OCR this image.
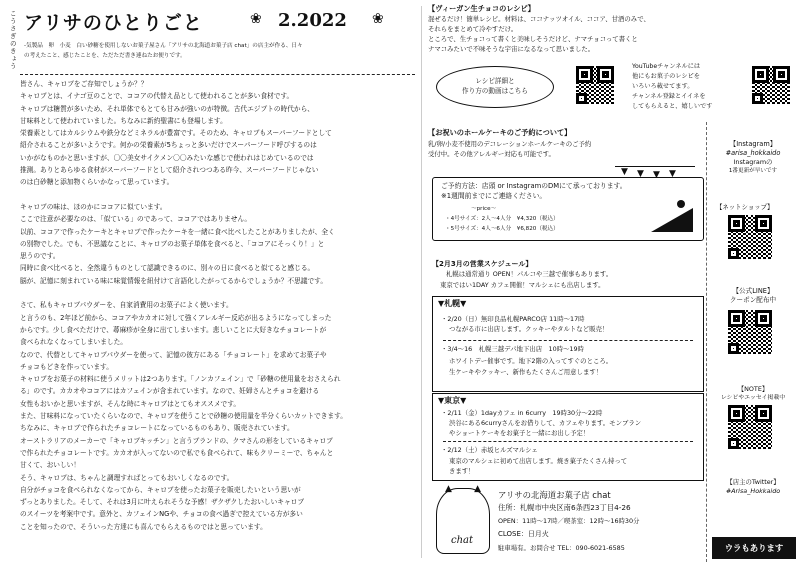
こうさぎのきょう アリサのひとりごと	❀ 2.2022 ❀
-気製品　卵　小麦　白い砂糖を使用しないお菓子屋さん「アリサの北海道お菓子店 chat」の店主が作る、日々
の考えたこと、感じたことを、ただただ書き連ねたお便りです。
皆さん、キャロブをご存知でしょうか？？
キャロブとは、イナゴ豆のことで、ココアの代替え品として使われることが多い食材です。
キャロブは糖質が多いため、それ単体でもとても甘みが強いのが特徴。古代エジプトの時代から、
甘味料として使われていました。ちなみに新約聖書にも登場します。
栄養素としてはカルシウムや鉄分などミネラルが豊富です。そのため、キャロブもスーパーフードとして
紹介されることが多いようです。何かの栄養素が5ちょっと多いだけでスーパーフード呼びするのは
いかがなものかと思いますが、〇〇美女サイクメン〇〇みたいな感じで使われはじめているのでは
推測。ありとあらゆる食材がスーパーフードとして紹介されつつある昨今、スーパーフードじゃない
のは白砂糖と添加物くらいかなって思っています。
キャロブの味は、ほのかにココアに似ています。
ここで注意が必要なのは、「似ている」のであって、ココアではありません。
以前、ココアで作ったケーキとキャロブで作ったケーキを一緒に食べ比べしたことがありましたが、全く
の別物でした。でも、不思議なことに、キャロブのお菓子単体を食べると、「ココアにそっくり！」と
思うのです。
同時に食べ比べると、全然違うものとして認識できるのに、別々の日に食べると似てると感じる。
脳が、記憶に刻まれている味に味覚情報を紐付けて言語化したがってるからでしょうか？不思議です。
さて、私もキャロブパウダーを、自家消費用のお菓子によく使います。
と言うのも、2年ほど前から、ココアやカカオに対して強くアレルギー反応が出るようになってしまった
からです。少し食べただけで、蕁麻疹が全身に出てしまいます。悲しいことに大好きなチョコレートが
食べられなくなってしまいました。
なので、代替としてキャロブパウダーを使って、記憶の彼方にある「チョコレート」を求めてお菓子や
チョコもどきを作っています。
キャロブをお菓子の材料に使うメリットは2つあります。「ノンカフェイン」で「砂糖の使用量をおさえられ
る」のです。カカオやココアにはカフェインが含まれています。なので、妊婦さんとチョコを避ける
女性もおいかと思いますが、そんな時にキャロブはとてもオススメです。
また、甘味料になっていたくらいなので、キャロブを使うことで砂糖の使用量を半分くらいカットできます。
ちなみに、キャロブで作られたチョコレートになっているものもあり、販売されています。
オーストラリアのメーカーで「キャロブキッチン」と言うブランドの、クマさんの形をしているキャロブ
で作られたチョコレートです。カカオが入ってないので私でも食べられて、味もクリーミーで、ちゃんと
甘くて、おいしい！
そう、キャロブは、ちゃんと調理すればとってもおいしくなるのです。
自分がチョコを食べられなくなってから、キャロブを使ったお菓子を販売したいという思いが
ずっとありました。そして、それは3月に叶えられそうな予感！ザクザクしたおいしいキャロブ
のスイーツを考案中です。意外と、カフェインNGや、チョコの食べ過ぎで控えている方が多い
ことを知ったので、そういった方達にも喜んでもらえるものではと思っています。
【ヴィーガン生チョコのレシピ】
混ぜるだけ！簡単レシピ。材料は、ココナッツオイル、ココア、甘酒のみで、
それらをまとめて冷やすだけ。
ところで、生チョコって書くと美味しそうだけど、ナマチョコって書くと
ナマコみたいで不味そうな宇宙になるなって思いました。
レシピ詳細と
作り方の動画はこちら
YouTubeチャンネルには
他にもお菓子のレシピを
いろいろ載せてます。
チャンネル登録とイイネを
してもらえると、嬉しいです
【お祝いのホールケーキのご予約について】
乳/卵/小麦不使用のデコレーションホールケーキのご予約
受付中。その他アレルギー対応も可能です。
▼ ▼ ▼ ▼
ご予約方法：店頭 or InstagramのDMにて承っております。
※1週間前までにご連絡ください。
～price～
・4号サイズ：2人～4人分　¥4,320（税込）
・5号サイズ：4人～6人分　¥6,820（税込）
【2月3月の営業スケジュール】
札幌は通常通り OPEN！パルコや三越で催事もあります。
東京ではい1DAY カフェ開催！マルシェにも出店します。
▼札幌▼
・2/20（日）無印良品札幌PARCO店 11時～17時
つながる市に出店します。クッキーやタルトなど販売！
・3/4～16　札幌三越デパ地下出店　10時～19時
ホワイトデー催事です。地下2階の入ってすぐのところ。
生ケーキやクッキー、新作もたくさんご用意します！
▼東京▼
・2/11（金）1dayカフェ in 6curry　19時30分～22時
渋谷にある6curryさんをお借りして、カフェやります。モンブラン
やショートケーキをお菓子と一緒にお出し予定！
・2/12（土）赤坂ヒルズマルシェ
東京のマルシェに初めて出店します。焼き菓子たくさん持って
きます！
▲ ▲
chat
アリサの北海道お菓子店 chat
住所：札幌市中央区南6条西23丁目4-26
OPEN：11時～17時／喫茶室：12時～16時30分
CLOSE：日月火
駐車場有。お問合せ TEL：090-6021-6585
【Instagram】
#arisa_hokkaido
Instagramの
1番更新が早いです
【ネットショップ】
【公式LINE】
クーポン配布中
【NOTE】
レシピやエッセイ掲載中
【店主のTwitter】
#Arisa_Hokkaido
ウラもあります
